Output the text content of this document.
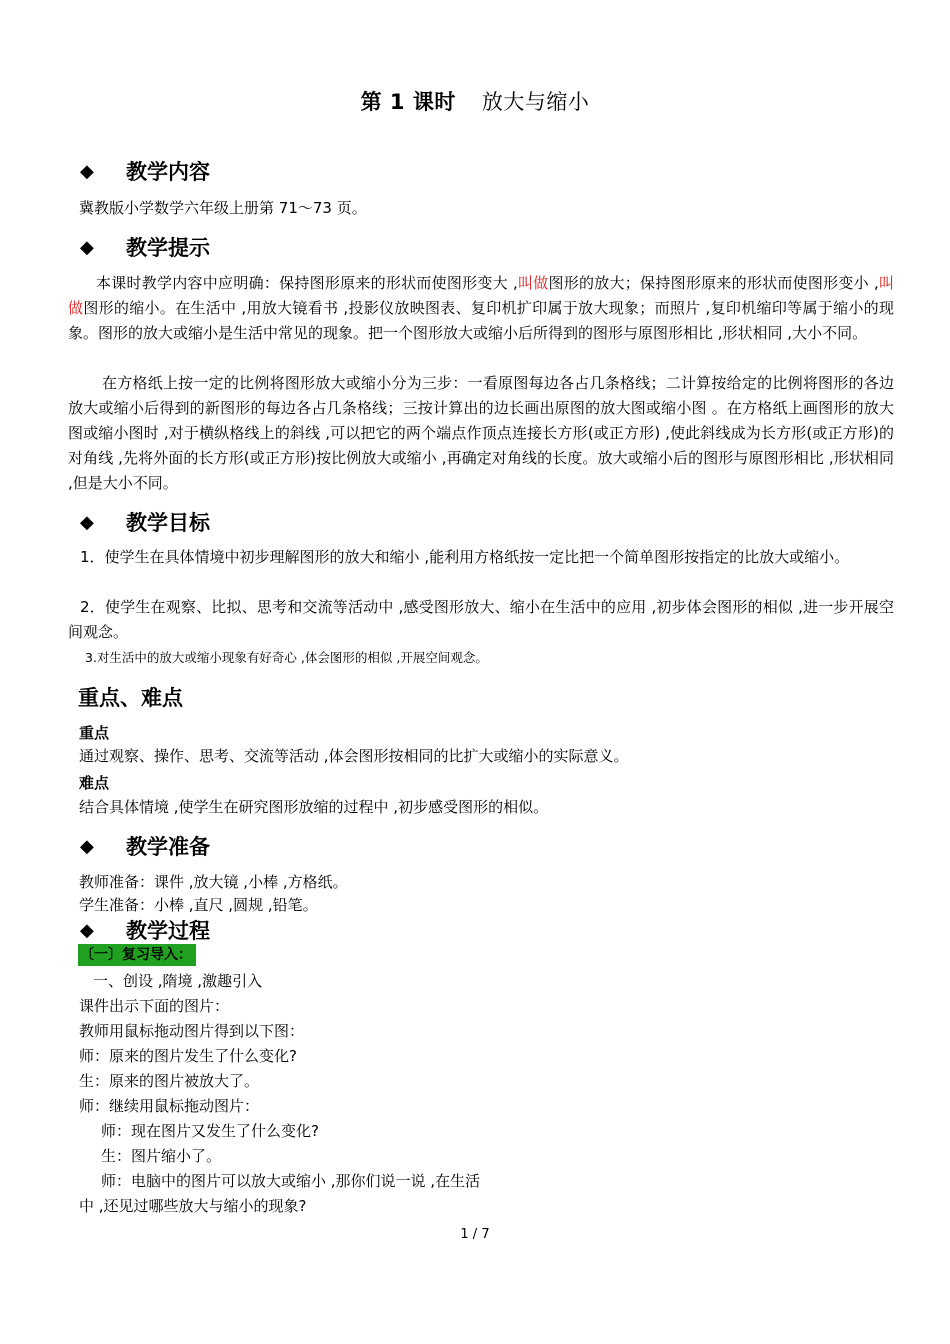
第 1 课时 放大与缩小
◆	教学内容
冀教版小学数学六年级上册第 71～73 页。
◆	教学提示
本课时教学内容中应明确：保持图形原来的形状而使图形变大 ,叫做图形的放大；保持图形原来的形状而使图形变小 ,叫做图形的缩小。在生活中 ,用放大镜看书 ,投影仪放映图表、复印机扩印属于放大现象；而照片 ,复印机缩印等属于缩小的现象。图形的放大或缩小是生活中常见的现象。把一个图形放大或缩小后所得到的图形与原图形相比 ,形状相同 ,大小不同。
在方格纸上按一定的比例将图形放大或缩小分为三步：一看原图每边各占几条格线；二计算按给定的比例将图形的各边放大或缩小后得到的新图形的每边各占几条格线；三按计算出的边长画出原图的放大图或缩小图 。在方格纸上画图形的放大图或缩小图时 ,对于横纵格线上的斜线 ,可以把它的两个端点作顶点连接长方形(或正方形) ,使此斜线成为长方形(或正方形)的对角线 ,先将外面的长方形(或正方形)按比例放大或缩小 ,再确定对角线的长度。放大或缩小后的图形与原图形相比 ,形状相同 ,但是大小不同。
◆	教学目标
1．使学生在具体情境中初步理解图形的放大和缩小 ,能利用方格纸按一定比把一个简单图形按指定的比放大或缩小。
2．使学生在观察、比拟、思考和交流等活动中 ,感受图形放大、缩小在生活中的应用 ,初步体会图形的相似 ,进一步开展空间观念。
3.对生活中的放大或缩小现象有好奇心 ,体会图形的相似 ,开展空间观念。
重点、难点
重点
通过观察、操作、思考、交流等活动 ,体会图形按相同的比扩大或缩小的实际意义。
难点
结合具体情境 ,使学生在研究图形放缩的过程中 ,初步感受图形的相似。
◆	教学准备
教师准备：课件 ,放大镜 ,小棒 ,方格纸。
学生准备：小棒 ,直尺 ,圆规 ,铅笔。
◆	教学过程
〔一〕复习导入：
一、创设 ,隋境 ,激趣引入
课件出示下面的图片：
教师用鼠标拖动图片得到以下图：
师：原来的图片发生了什么变化?
生：原来的图片被放大了。
师：继续用鼠标拖动图片：
师：现在图片又发生了什么变化?
生：图片缩小了。
师：电脑中的图片可以放大或缩小 ,那你们说一说 ,在生活
中 ,还见过哪些放大与缩小的现象?
1 / 7
